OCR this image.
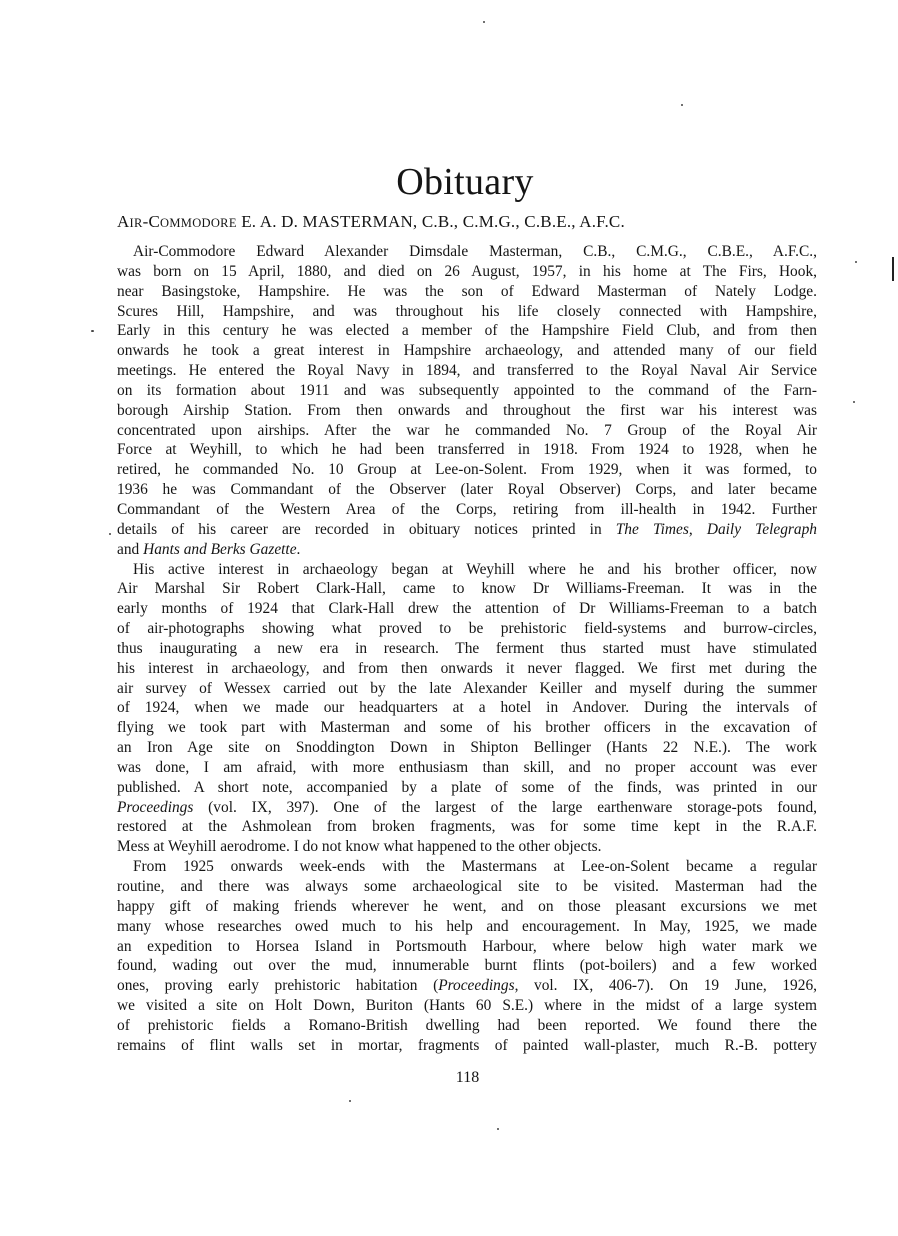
Obituary
AIR-COMMODORE E. A. D. MASTERMAN, C.B., C.M.G., C.B.E., A.F.C.
Air-Commodore Edward Alexander Dimsdale Masterman, C.B., C.M.G., C.B.E., A.F.C.,
was born on 15 April, 1880, and died on 26 August, 1957, in his home at The Firs, Hook,
near Basingstoke, Hampshire. He was the son of Edward Masterman of Nately Lodge.
Scures Hill, Hampshire, and was throughout his life closely connected with Hampshire,
Early in this century he was elected a member of the Hampshire Field Club, and from then
onwards he took a great interest in Hampshire archaeology, and attended many of our field
meetings. He entered the Royal Navy in 1894, and transferred to the Royal Naval Air Service
on its formation about 1911 and was subsequently appointed to the command of the Farn-
borough Airship Station. From then onwards and throughout the first war his interest was
concentrated upon airships. After the war he commanded No. 7 Group of the Royal Air
Force at Weyhill, to which he had been transferred in 1918. From 1924 to 1928, when he
retired, he commanded No. 10 Group at Lee-on-Solent. From 1929, when it was formed, to
1936 he was Commandant of the Observer (later Royal Observer) Corps, and later became
Commandant of the Western Area of the Corps, retiring from ill-health in 1942. Further
details of his career are recorded in obituary notices printed in The Times, Daily Telegraph
and Hants and Berks Gazette.
His active interest in archaeology began at Weyhill where he and his brother officer, now
Air Marshal Sir Robert Clark-Hall, came to know Dr Williams-Freeman. It was in the
early months of 1924 that Clark-Hall drew the attention of Dr Williams-Freeman to a batch
of air-photographs showing what proved to be prehistoric field-systems and burrow-circles,
thus inaugurating a new era in research. The ferment thus started must have stimulated
his interest in archaeology, and from then onwards it never flagged. We first met during the
air survey of Wessex carried out by the late Alexander Keiller and myself during the summer
of 1924, when we made our headquarters at a hotel in Andover. During the intervals of
flying we took part with Masterman and some of his brother officers in the excavation of
an Iron Age site on Snoddington Down in Shipton Bellinger (Hants 22 N.E.). The work
was done, I am afraid, with more enthusiasm than skill, and no proper account was ever
published. A short note, accompanied by a plate of some of the finds, was printed in our
Proceedings (vol. IX, 397). One of the largest of the large earthenware storage-pots found,
restored at the Ashmolean from broken fragments, was for some time kept in the R.A.F.
Mess at Weyhill aerodrome. I do not know what happened to the other objects.
From 1925 onwards week-ends with the Mastermans at Lee-on-Solent became a regular
routine, and there was always some archaeological site to be visited. Masterman had the
happy gift of making friends wherever he went, and on those pleasant excursions we met
many whose researches owed much to his help and encouragement. In May, 1925, we made
an expedition to Horsea Island in Portsmouth Harbour, where below high water mark we
found, wading out over the mud, innumerable burnt flints (pot-boilers) and a few worked
ones, proving early prehistoric habitation (Proceedings, vol. IX, 406-7). On 19 June, 1926,
we visited a site on Holt Down, Buriton (Hants 60 S.E.) where in the midst of a large system
of prehistoric fields a Romano-British dwelling had been reported. We found there the
remains of flint walls set in mortar, fragments of painted wall-plaster, much R.-B. pottery

118
